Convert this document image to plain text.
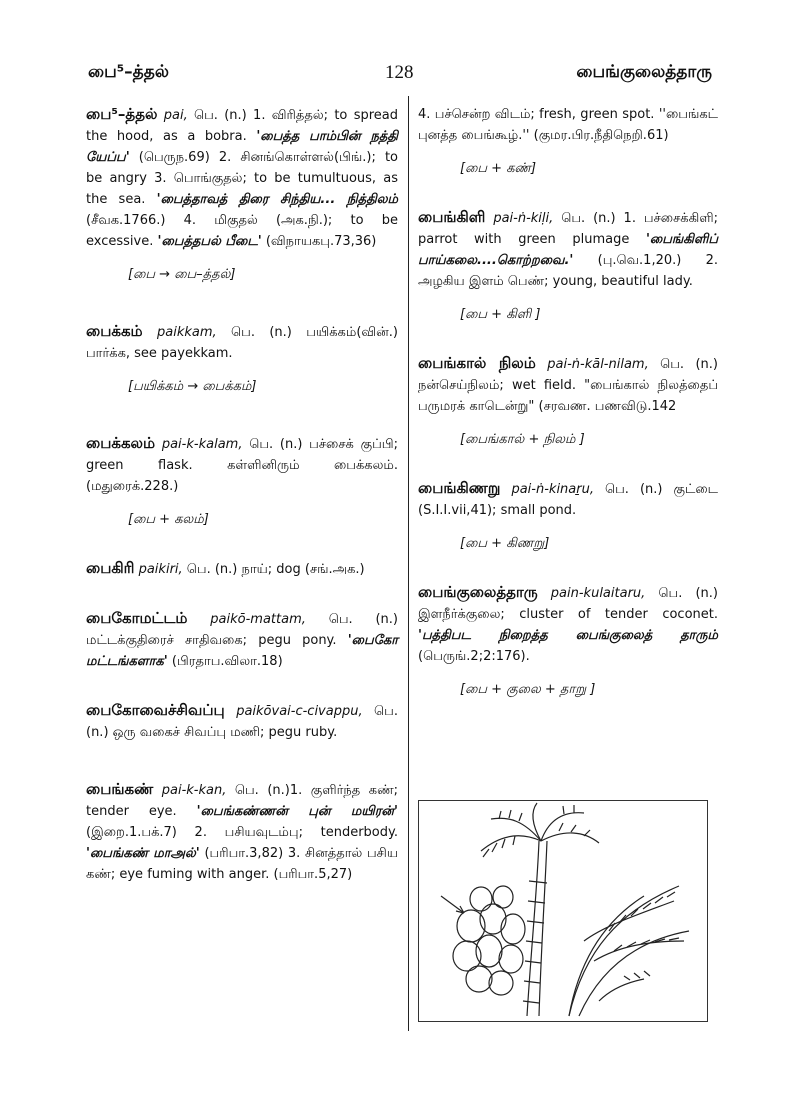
பை⁵–த்தல்	128	பைங்குலைத்தாரு

பை⁵–த்தல் pai, பெ. (n.) 1. விரித்தல்; to spread the hood, as a bobra. 'பைத்த பாம்பின் நத்தி யேப்ப' (பெருந.69) 2. சினங்கொள்ளல்(பிங்.); to be angry 3. பொங்குதல்; to be tumultuous, as the sea. 'பைத்தாவத் திரை சிந்திய... நித்திலம் (சீவக.1766.) 4. மிகுதல் (அக.நி.); to be excessive. 'பைத்தபல் பீடை' (விநாயகபு.73,36)

[பை → பை–த்தல்]

பைக்கம் paikkam, பெ. (n.) பயிக்கம்(வின்.) பார்க்க, see payekkam.

[பயிக்கம் → பைக்கம்]

பைக்கலம் pai-k-kalam, பெ. (n.) பச்சைக் குப்பி; green flask. கள்ளினிரும் பைக்கலம். (மதுரைக்.228.)

[பை + கலம்]

பைகிரி paikiri, பெ. (n.) நாய்; dog (சங்.அக.)

பைகோமட்டம் paikō-mattam, பெ. (n.) மட்டக்குதிரைச் சாதிவகை; pegu pony. 'பைகோ மட்டங்களாக' (பிரதாப.விலா.18)

பைகோவைச்சிவப்பு paikōvai-c-civappu, பெ. (n.) ஒரு வகைச் சிவப்பு மணி; pegu ruby.

பைங்கண் pai-k-kan, பெ. (n.)1. குளிர்ந்த கண்; tender eye. 'பைங்கண்ணன் புன் மயிரன்' (இறை.1.பக்.7) 2. பசியவுடம்பு; tenderbody. 'பைங்கண் மாஅல்' (பரிபா.3,82) 3. சினத்தால் பசிய கண்; eye fuming with anger. (பரிபா.5,27)

4. பச்சென்ற விடம்; fresh, green spot. ''பைங்கட் புனத்த பைங்கூழ்.'' (குமர.பிர.நீதிநெறி.61)

[பை + கண்]

பைங்கிளி pai-ṅ-kiḷi, பெ. (n.) 1. பச்சைக்கிளி; parrot with green plumage 'பைங்கிளிப் பாய்கலை....கொற்றவை.' (பு.வெ.1,20.) 2. அழகிய இளம் பெண்; young, beautiful lady.

[பை + கிளி ]

பைங்கால் நிலம் pai-ṅ-kāl-nilam, பெ. (n.) நன்செய்நிலம்; wet field. "பைங்கால் நிலத்தைப் பருமரக் காடென்று" (சரவண. பணவிடு.142

[பைங்கால் + நிலம் ]

பைங்கிணறு pai-ṅ-kinaṟu, பெ. (n.) குட்டை (S.I.I.vii,41); small pond.

[பை + கிணறு]

பைங்குலைத்தாரு pain-kulaitaru, பெ. (n.) இளநீர்க்குலை; cluster of tender coconet. 'பத்திபட நிறைத்த பைங்குலைத் தாரும் (பெருங்.2;2:176).

[பை + குலை + தாறு ]
